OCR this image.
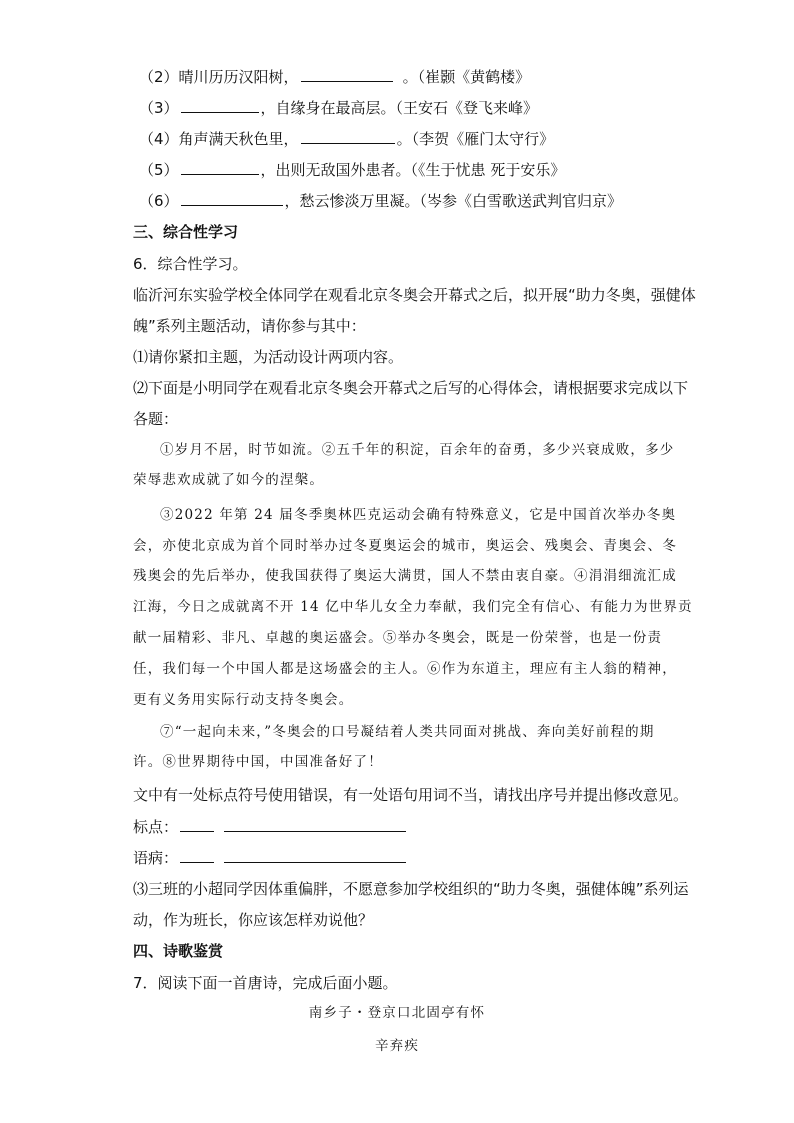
（2）晴川历历汉阳树，	。（崔颢《黄鹤楼》
（3）	，自缘身在最高层。（王安石《登飞来峰》
（4）角声满天秋色里，	。（李贺《雁门太守行》
（5）	，出则无敌国外患者。（《生于忧患 死于安乐》
（6）	，愁云惨淡万里凝。（岑参《白雪歌送武判官归京》
三、综合性学习
6．综合性学习。
临沂河东实验学校全体同学在观看北京冬奥会开幕式之后，拟开展“助力冬奥，强健体
魄”系列主题活动，请你参与其中：
⑴请你紧扣主题，为活动设计两项内容。
⑵下面是小明同学在观看北京冬奥会开幕式之后写的心得体会，请根据要求完成以下
各题：
①岁月不居，时节如流。②五千年的积淀，百余年的奋勇，多少兴衰成败，多少
荣辱悲欢成就了如今的涅槃。
③2022 年第 24 届冬季奥林匹克运动会确有特殊意义，它是中国首次举办冬奥
会，亦使北京成为首个同时举办过冬夏奥运会的城市，奥运会、残奥会、青奥会、冬
残奥会的先后举办，使我国获得了奥运大满贯，国人不禁由衷自豪。④涓涓细流汇成
江海，今日之成就离不开 14 亿中华儿女全力奉献，我们完全有信心、有能力为世界贡
献一届精彩、非凡、卓越的奥运盛会。⑤举办冬奥会，既是一份荣誉，也是一份责
任，我们每一个中国人都是这场盛会的主人。⑥作为东道主，理应有主人翁的精神，
更有义务用实际行动支持冬奥会。
⑦“一起向未来，”冬奥会的口号凝结着人类共同面对挑战、奔向美好前程的期
许。⑧世界期待中国，中国准备好了！
文中有一处标点符号使用错误，有一处语句用词不当，请找出序号并提出修改意见。
标点：
语病：
⑶三班的小超同学因体重偏胖，不愿意参加学校组织的“助力冬奥，强健体魄”系列运
动，作为班长，你应该怎样劝说他？
四、诗歌鉴赏
7．阅读下面一首唐诗，完成后面小题。
南乡子・登京口北固亭有怀
辛弃疾
